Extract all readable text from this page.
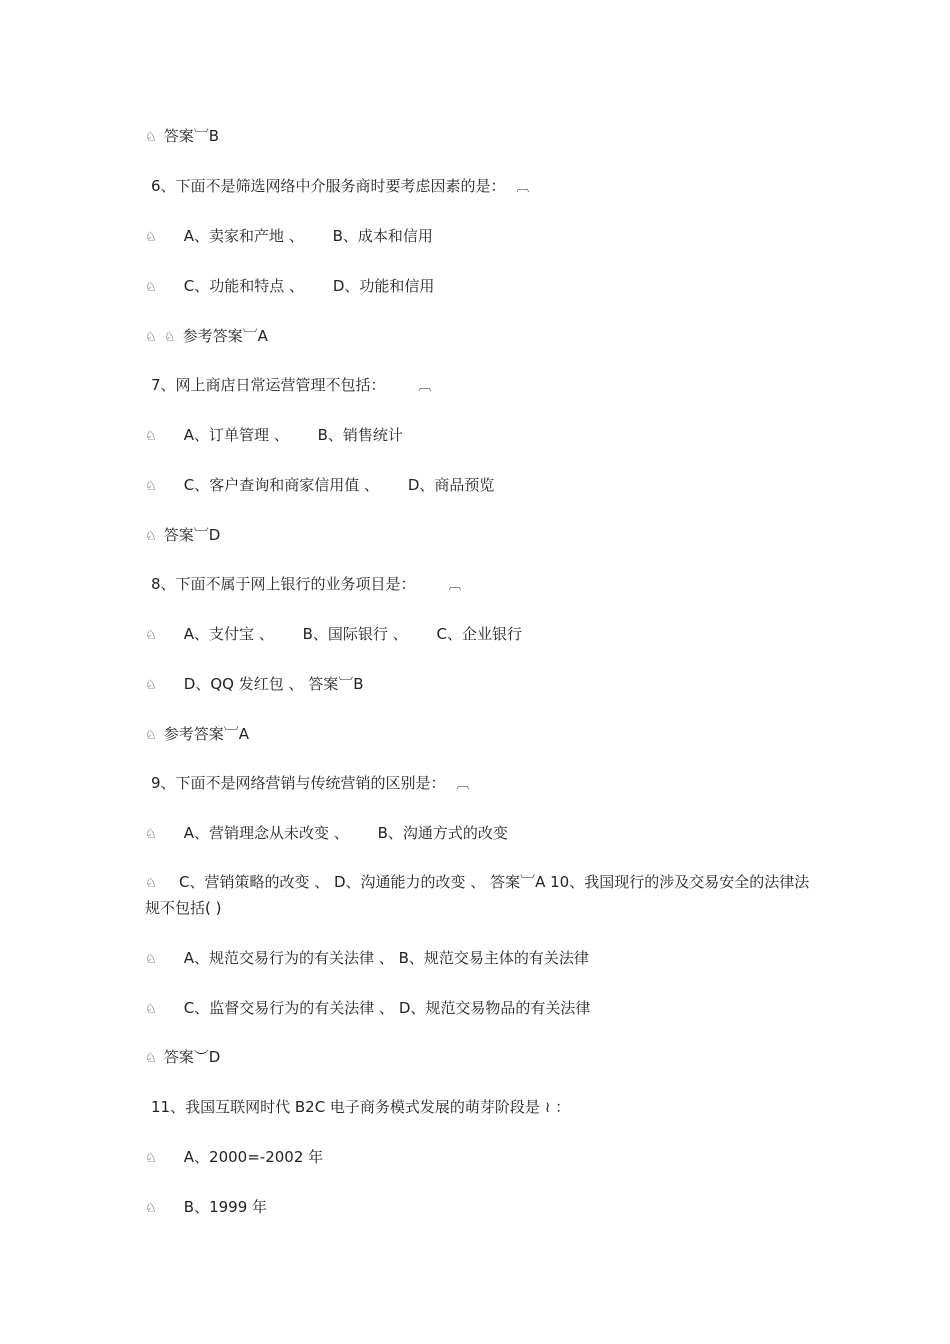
♘ 答案︺B
6、下面不是筛选网络中介服务商时要考虑因素的是： ︹
♘ A、卖家和产地 、 B、成本和信用
♘ C、功能和特点 、 D、功能和信用
♘ ♘ 参考答案︺A
7、网上商店日常运营管理不包括：	︹
♘ A、订单管理 、 B、销售统计
♘ C、客户查询和商家信用值 、 D、商品预览
♘ 答案︺D
8、下面不属于网上银行的业务项目是：	︹
♘ A、支付宝 、 B、国际银行 、 C、企业银行
♘ D、QQ 发红包 、 答案︺B
♘ 参考答案︺A
9、下面不是网络营销与传统营销的区别是： ︹
♘ A、营销理念从未改变 、 B、沟通方式的改变
♘ C、营销策略的改变 、 D、沟通能力的改变 、 答案︺A 10、我国现行的涉及交易安全的法律法规不包括( )
♘ A、规范交易行为的有关法律 、 B、规范交易主体的有关法律
♘ C、监督交易行为的有关法律 、 D、规范交易物品的有关法律
♘ 答案︶D
11、我国互联网时代 B2C 电子商务模式发展的萌芽阶段是 ≀ ：
♘ A、2000=-2002 年
♘ B、1999 年
